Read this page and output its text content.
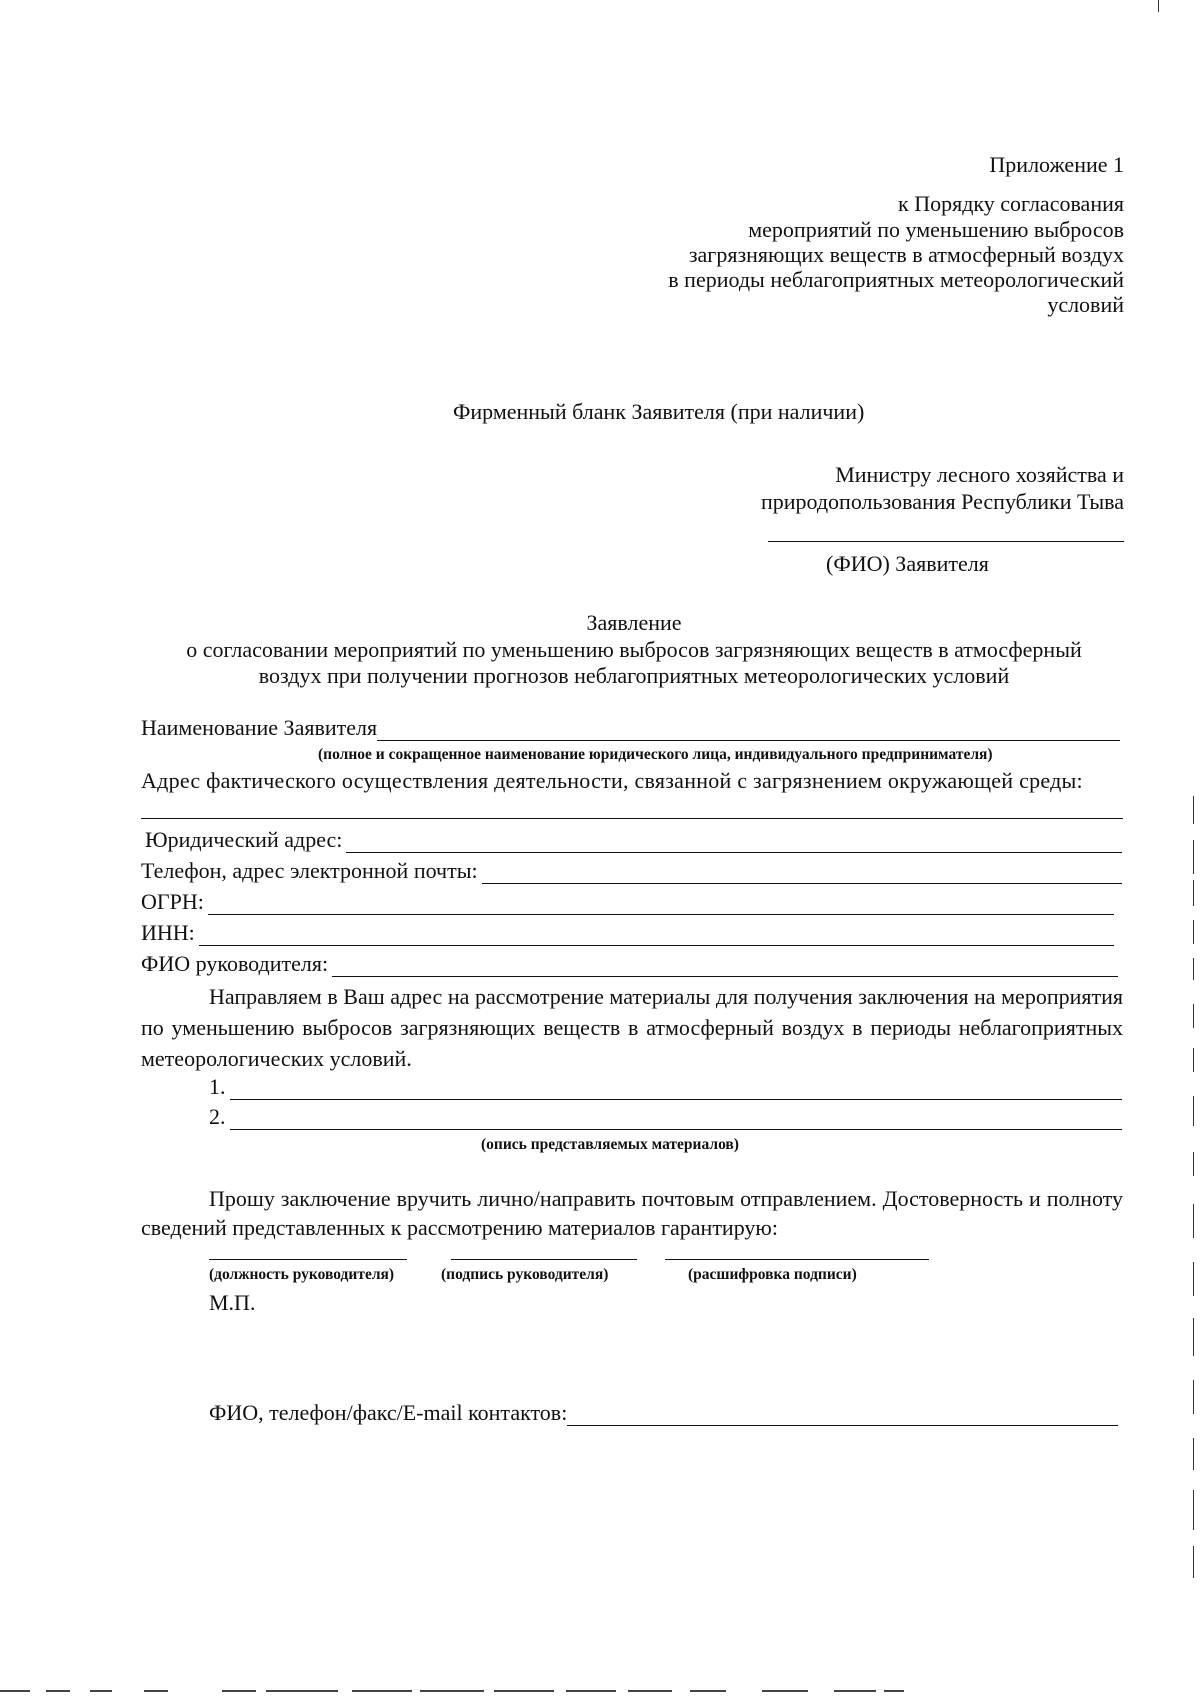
Приложение 1
к Порядку согласования
мероприятий по уменьшению выбросов
загрязняющих веществ в атмосферный воздух
в периоды неблагоприятных метеорологический
условий
Фирменный бланк Заявителя (при наличии)
Министру лесного хозяйства и
природопользования Республики Тыва
(ФИО) Заявителя
Заявление
о согласовании мероприятий по уменьшению выбросов загрязняющих веществ в атмосферный
воздух при получении прогнозов неблагоприятных метеорологических условий
Наименование Заявителя
(полное и сокращенное наименование юридического лица, индивидуального предпринимателя)
Адрес фактического осуществления деятельности, связанной с загрязнением окружающей среды:
Юридический адрес:
Телефон, адрес электронной почты:
ОГРН:
ИНН:
ФИО руководителя:

Направляем в Ваш адрес на рассмотрение материалы для получения заключения на мероприятия по уменьшению выбросов загрязняющих веществ в атмосферный воздух в периоды неблагоприятных метеорологических условий.

1.
2.
(опись представляемых материалов)

Прошу заключение вручить лично/направить почтовым отправлением. Достоверность и полноту сведений представленных к рассмотрению материалов гарантирую:

(должность руководителя)	(подпись руководителя)	(расшифровка подписи)
М.П.
ФИО, телефон/факс/E-mail контактов:
